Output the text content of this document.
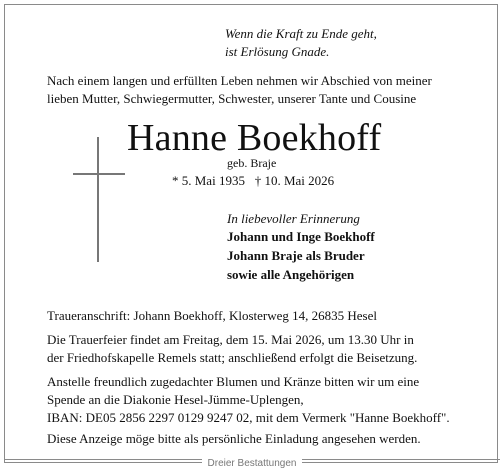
Wenn die Kraft zu Ende geht,
ist Erlösung Gnade.
Nach einem langen und erfüllten Leben nehmen wir Abschied von meiner
lieben Mutter, Schwiegermutter, Schwester, unserer Tante und Cousine
Hanne Boekhoff
geb. Braje
* 5. Mai 1935   † 10. Mai 2026
In liebevoller Erinnerung
Johann und Inge Boekhoff
Johann Braje als Bruder
sowie alle Angehörigen
Traueranschrift: Johann Boekhoff, Klosterweg 14, 26835 Hesel
Die Trauerfeier findet am Freitag, dem 15. Mai 2026, um 13.30 Uhr in
der Friedhofskapelle Remels statt; anschließend erfolgt die Beisetzung.
Anstelle freundlich zugedachter Blumen und Kränze bitten wir um eine
Spende an die Diakonie Hesel-Jümme-Uplengen,
IBAN: DE05 2856 2297 0129 9247 02, mit dem Vermerk "Hanne Boekhoff".
Diese Anzeige möge bitte als persönliche Einladung angesehen werden.
Dreier Bestattungen
